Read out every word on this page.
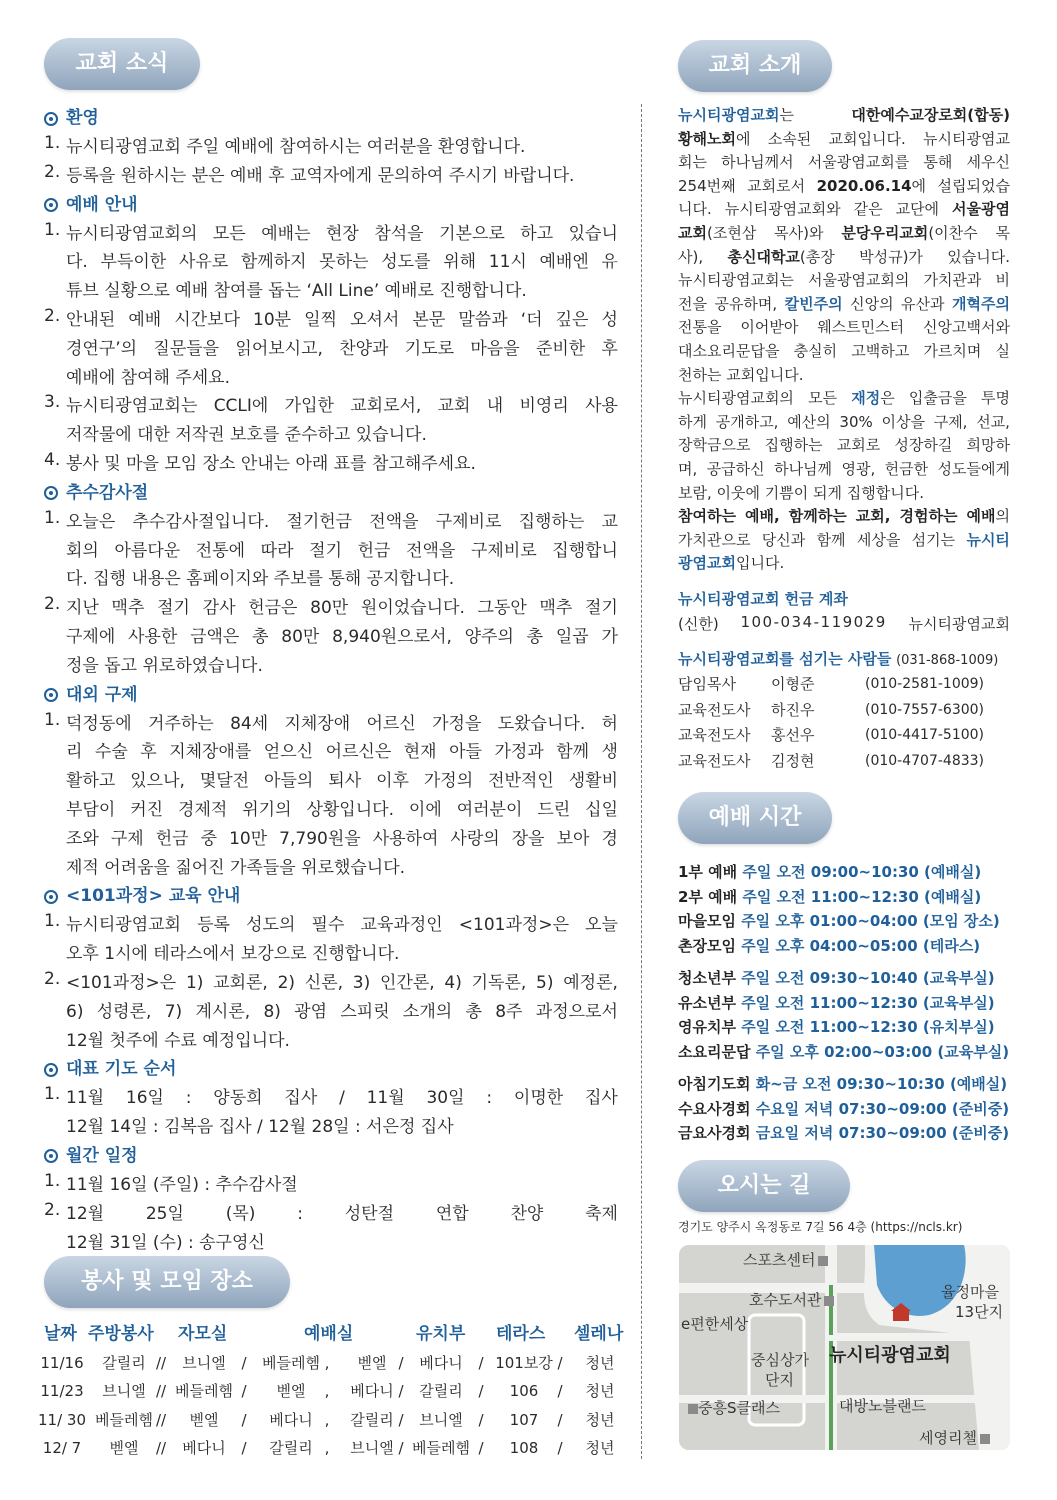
교회 소식	교회 소개
예배 시간
오시는 길
봉사 및 모임 장소
환영
1. 뉴시티광염교회 주일 예배에 참여하시는 여러분을 환영합니다.
2. 등록을 원하시는 분은 예배 후 교역자에게 문의하여 주시기 바랍니다.
예배 안내
1. 뉴시티광염교회의 모든 예배는 현장 참석을 기본으로 하고 있습니
다. 부득이한 사유로 함께하지 못하는 성도를 위해 11시 예배엔 유
튜브 실황으로 예배 참여를 돕는 ‘All Line’ 예배로 진행합니다.
2. 안내된 예배 시간보다 10분 일찍 오셔서 본문 말씀과 ‘더 깊은 성
경연구’의 질문들을 읽어보시고, 찬양과 기도로 마음을 준비한 후
예배에 참여해 주세요.
3. 뉴시티광염교회는 CCLI에 가입한 교회로서, 교회 내 비영리 사용
저작물에 대한 저작권 보호를 준수하고 있습니다.
4. 봉사 및 마을 모임 장소 안내는 아래 표를 참고해주세요.
추수감사절
1. 오늘은 추수감사절입니다. 절기헌금 전액을 구제비로 집행하는 교
회의 아름다운 전통에 따라 절기 헌금 전액을 구제비로 집행합니
다. 집행 내용은 홈페이지와 주보를 통해 공지합니다.
2. 지난 맥추 절기 감사 헌금은 80만 원이었습니다. 그동안 맥추 절기
구제에 사용한 금액은 총 80만 8,940원으로서, 양주의 총 일곱 가
정을 돕고 위로하였습니다.
대외 구제
1. 덕정동에 거주하는 84세 지체장애 어르신 가정을 도왔습니다. 허
리 수술 후 지체장애를 얻으신 어르신은 현재 아들 가정과 함께 생
활하고 있으나, 몇달전 아들의 퇴사 이후 가정의 전반적인 생활비
부담이 커진 경제적 위기의 상황입니다. 이에 여러분이 드린 십일
조와 구제 헌금 중 10만 7,790원을 사용하여 사랑의 장을 보아 경
제적 어려움을 짊어진 가족들을 위로했습니다.
<101과정> 교육 안내
1. 뉴시티광염교회 등록 성도의 필수 교육과정인 <101과정>은 오늘
오후 1시에 테라스에서 보강으로 진행합니다.
2. <101과정>은 1) 교회론, 2) 신론, 3) 인간론, 4) 기독론, 5) 예정론,
6) 성령론, 7) 계시론, 8) 광염 스피릿 소개의 총 8주 과정으로서
12월 첫주에 수료 예정입니다.
대표 기도 순서
1. 11월 16일 : 양동희 집사 / 11월 30일 : 이명한 집사
12월 14일 : 김복음 집사 / 12월 28일 : 서은정 집사
월간 일정
1. 11월 16일 (주일) : 추수감사절
2. 12월 25일 (목) : 성탄절 연합 찬양 축제
12월 31일 (수) : 송구영신
뉴시티광염교회는	대한예수교장로회(합동)
황해노회에 소속된 교회입니다. 뉴시티광염교
회는 하나님께서 서울광염교회를 통해 세우신
254번째 교회로서 2020.06.14에 설립되었습
니다. 뉴시티광염교회와 같은 교단에 서울광염
교회(조현삼 목사)와 분당우리교회(이찬수 목
사), 총신대학교(총장 박성규)가 있습니다.
뉴시티광염교회는 서울광염교회의 가치관과 비
전을 공유하며, 칼빈주의 신앙의 유산과 개혁주의
전통을 이어받아 웨스트민스터 신앙고백서와
대소요리문답을 충실히 고백하고 가르치며 실
천하는 교회입니다.
뉴시티광염교회의 모든 재정은 입출금을 투명
하게 공개하고, 예산의 30% 이상을 구제, 선교,
장학금으로 집행하는 교회로 성장하길 희망하
며, 공급하신 하나님께 영광, 헌금한 성도들에게
보람, 이웃에 기쁨이 되게 집행합니다.
참여하는 예배, 함께하는 교회, 경험하는 예배의
가치관으로 당신과 함께 세상을 섬기는 뉴시티
광염교회 입니다.
뉴시티광염교회 헌금 계좌
(신한) 100-034-119029 뉴시티광염교회
뉴시티광염교회를 섬기는 사람들 (031-868-1009)
담임목사 이형준	(010-2581-1009)
교육전도사 하진우	(010-7557-6300)
교육전도사 홍선우	(010-4417-5100)
교육전도사 김정현	(010-4707-4833)
1부 예배 주일 오전 09:00~10:30 (예배실)
2부 예배 주일 오전 11:00~12:30 (예배실)
마을모임 주일 오후 01:00~04:00 (모임 장소)
촌장모임 주일 오후 04:00~05:00 (테라스)
청소년부 주일 오전 09:30~10:40 (교육부실)
유소년부 주일 오전 11:00~12:30 (교육부실)
영유치부 주일 오전 11:00~12:30 (유치부실)
소요리문답 주일 오후 02:00~03:00 (교육부실)
아침기도회 화~금 오전 09:30~10:30 (예배실)
수요사경회 수요일 저녁 07:30~09:00 (준비중)
금요사경회 금요일 저녁 07:30~09:00 (준비중)
경기도 양주시 옥정동로 7길 56 4층 (https://ncls.kr)
스포츠센터
호수도서관	율정마을
13단지
e편한세상
중심상가
단지
뉴시티광염교회
중흥S클래스	대방노블랜드
세영리첼
날짜 주방봉사 자모실	예배실	유치부 테라스 셀레나
11/16 갈릴리 // 브니엘 / 베들레헴 , 벧엘 / 베다니 / 101보강 / 청년
11/23 브니엘 // 베들레헴 / 벧엘 , 베다니 / 갈릴리 / 106 / 청년
11/ 30 베들레헴 // 벧엘 / 베다니 , 갈릴리 / 브니엘 / 107 / 청년
12/ 7 벧엘 // 베다니 / 갈릴리 , 브니엘 / 베들레헴 / 108 / 청년
